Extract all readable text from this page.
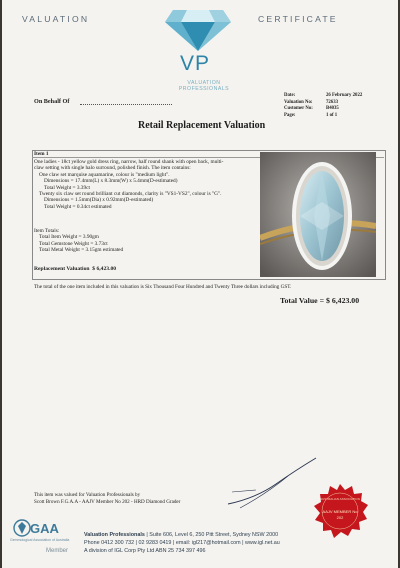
VALUATION	CERTIFICATE
VP
VALUATION PROFESSIONALS
On Behalf Of
Date:	26 February 2022
Valuation No:	72633
Customer No:	B4035
Page:	1 of 1
Retail Replacement Valuation
Item 1
One ladies - 18ct yellow gold dress ring, narrow, half round shank with open back, multi-
claw setting with single halo surround, polished finish. The item contains:
One claw set marquise aquamarine, colour is "medium light".
Dimensions = 17.4mm(L) x 8.3mm(W) x 5.4mm(D-estimated)
Total Weight = 3.39ct
Twenty six claw set round brilliant cut diamonds, clarity is "VS1-VS2", colour is "G".
Dimensions = 1.5mm(Dia) x 0.92mm(D-estimated)
Total Weight = 0.34ct estimated
Item Totals:
Total Item Weight = 3.90gm
Total Gemstone Weight = 3.73ct
Total Metal Weight = 3.15gm estimated
Replacement Valuation $ 6,423.00
The total of the one item included in this valuation is Six Thousand Four Hundred and Twenty Three dollars including GST.
Total Value = $ 6,423.00
This item was valued for Valuation Professionals by
Scott Brown F.G.A.A - AAJV Member No 202 - HRD Diamond Grader	AUSTRALIAN ASSOCIATION
AAJV MEMBER No
202
GAA
Gemmological Association of Australia
Member
Valuation Professionals | Suite 606, Level 6, 250 Pitt Street, Sydney NSW 2000
Phone 0412 300 732 | 02 9283 0419 | email: igl217@hotmail.com | www.igl.net.au
A division of IGL Corp Pty Ltd ABN 25 734 397 496
